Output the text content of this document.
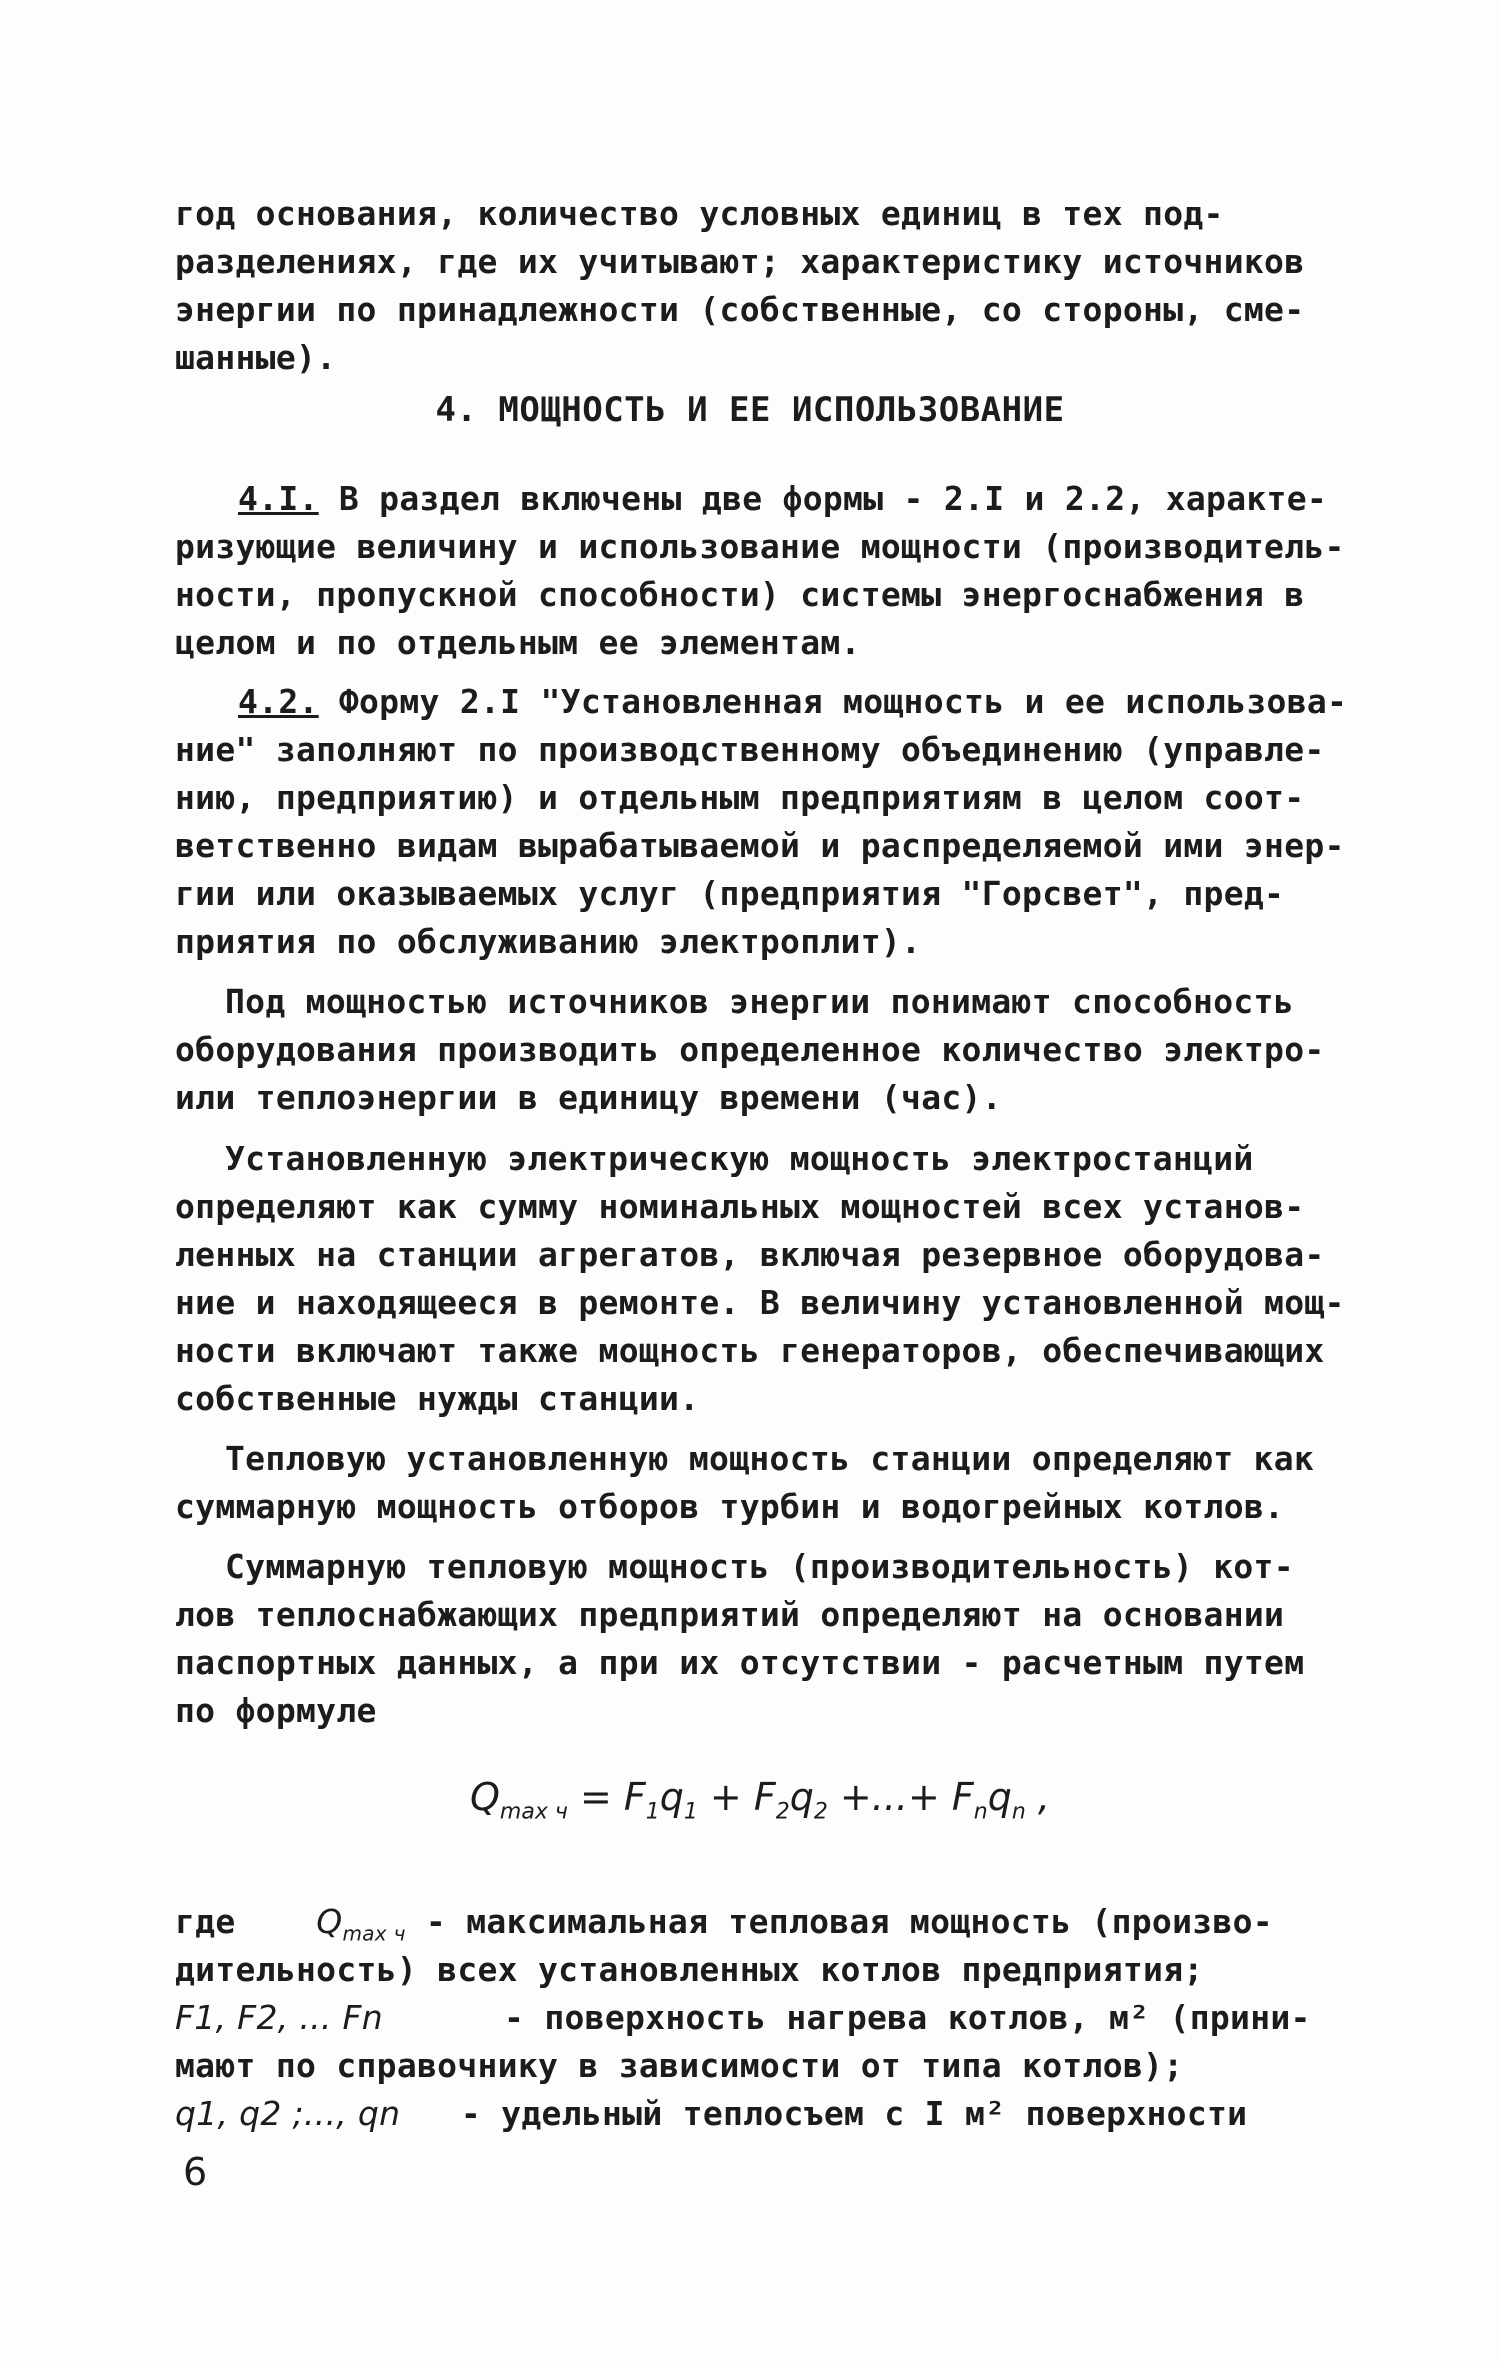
год основания, количество условных единиц в тех под-

разделениях, где их учитывают; характеристику источников

энергии по принадлежности (собственные, со стороны, сме-

шанные).

4. МОЩНОСТЬ И ЕЕ ИСПОЛЬЗОВАНИЕ

4.I. В раздел включены две формы - 2.I и 2.2, характе-

ризующие величину и использование мощности (производитель-

ности, пропускной способности) системы энергоснабжения в

целом и по отдельным ее элементам.

4.2. Форму 2.I "Установленная мощность и ее использова-

ние" заполняют по производственному объединению (управле-

нию, предприятию) и отдельным предприятиям в целом соот-

ветственно видам вырабатываемой и распределяемой ими энер-

гии или оказываемых услуг (предприятия "Горсвет", пред-

приятия по обслуживанию электроплит).

Под мощностью источников энергии понимают способность

оборудования производить определенное количество электро-

или теплоэнергии в единицу времени (час).

Установленную электрическую мощность электростанций

определяют как сумму номинальных мощностей всех установ-

ленных на станции агрегатов, включая резервное оборудова-

ние и находящееся в ремонте. В величину установленной мощ-

ности включают также мощность генераторов, обеспечивающих

собственные нужды станции.

Тепловую установленную мощность станции определяют как

суммарную мощность отборов турбин и водогрейных котлов.

Суммарную тепловую мощность (производительность) кот-

лов теплоснабжающих предприятий определяют на основании

паспортных данных, а при их отсутствии - расчетным путем

по формуле

$Q_{max ч} = F_1q_1 + F_2q_2$ +...+ $F_nq_n$ ,

где $Q_{max ч}$ - максимальная тепловая мощность (произво-

дительность) всех установленных котлов предприятия;

F1, F2, ... Fn	- поверхность нагрева котлов, м² (прини-

мают по справочнику в зависимости от типа котлов);

q1, q2 ;..., qn - удельный теплосъем с I м² поверхности

6
